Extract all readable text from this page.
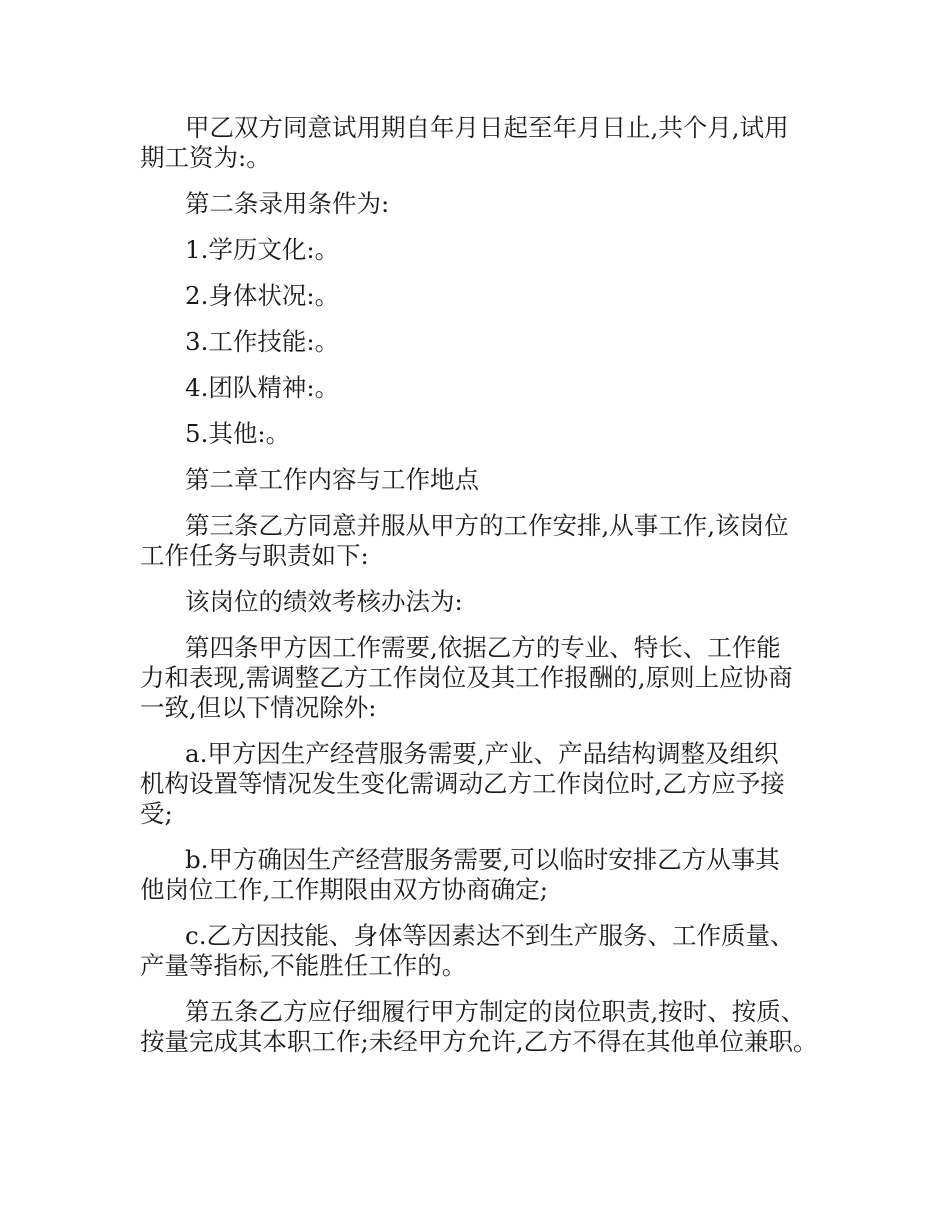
甲乙双方同意试用期自年月日起至年月日止,共个月,试用
期工资为:。

第二条录用条件为:

1.学历文化:。

2.身体状况:。

3.工作技能:。

4.团队精神:。

5.其他:。

第二章工作内容与工作地点

第三条乙方同意并服从甲方的工作安排,从事工作,该岗位
工作任务与职责如下:

该岗位的绩效考核办法为:

第四条甲方因工作需要,依据乙方的专业、特长、工作能
力和表现,需调整乙方工作岗位及其工作报酬的,原则上应协商
一致,但以下情况除外:

a.甲方因生产经营服务需要,产业、产品结构调整及组织
机构设置等情况发生变化需调动乙方工作岗位时,乙方应予接
受;

b.甲方确因生产经营服务需要,可以临时安排乙方从事其
他岗位工作,工作期限由双方协商确定;

c.乙方因技能、身体等因素达不到生产服务、工作质量、
产量等指标,不能胜任工作的。

第五条乙方应仔细履行甲方制定的岗位职责,按时、按质、
按量完成其本职工作;未经甲方允许,乙方不得在其他单位兼职。
